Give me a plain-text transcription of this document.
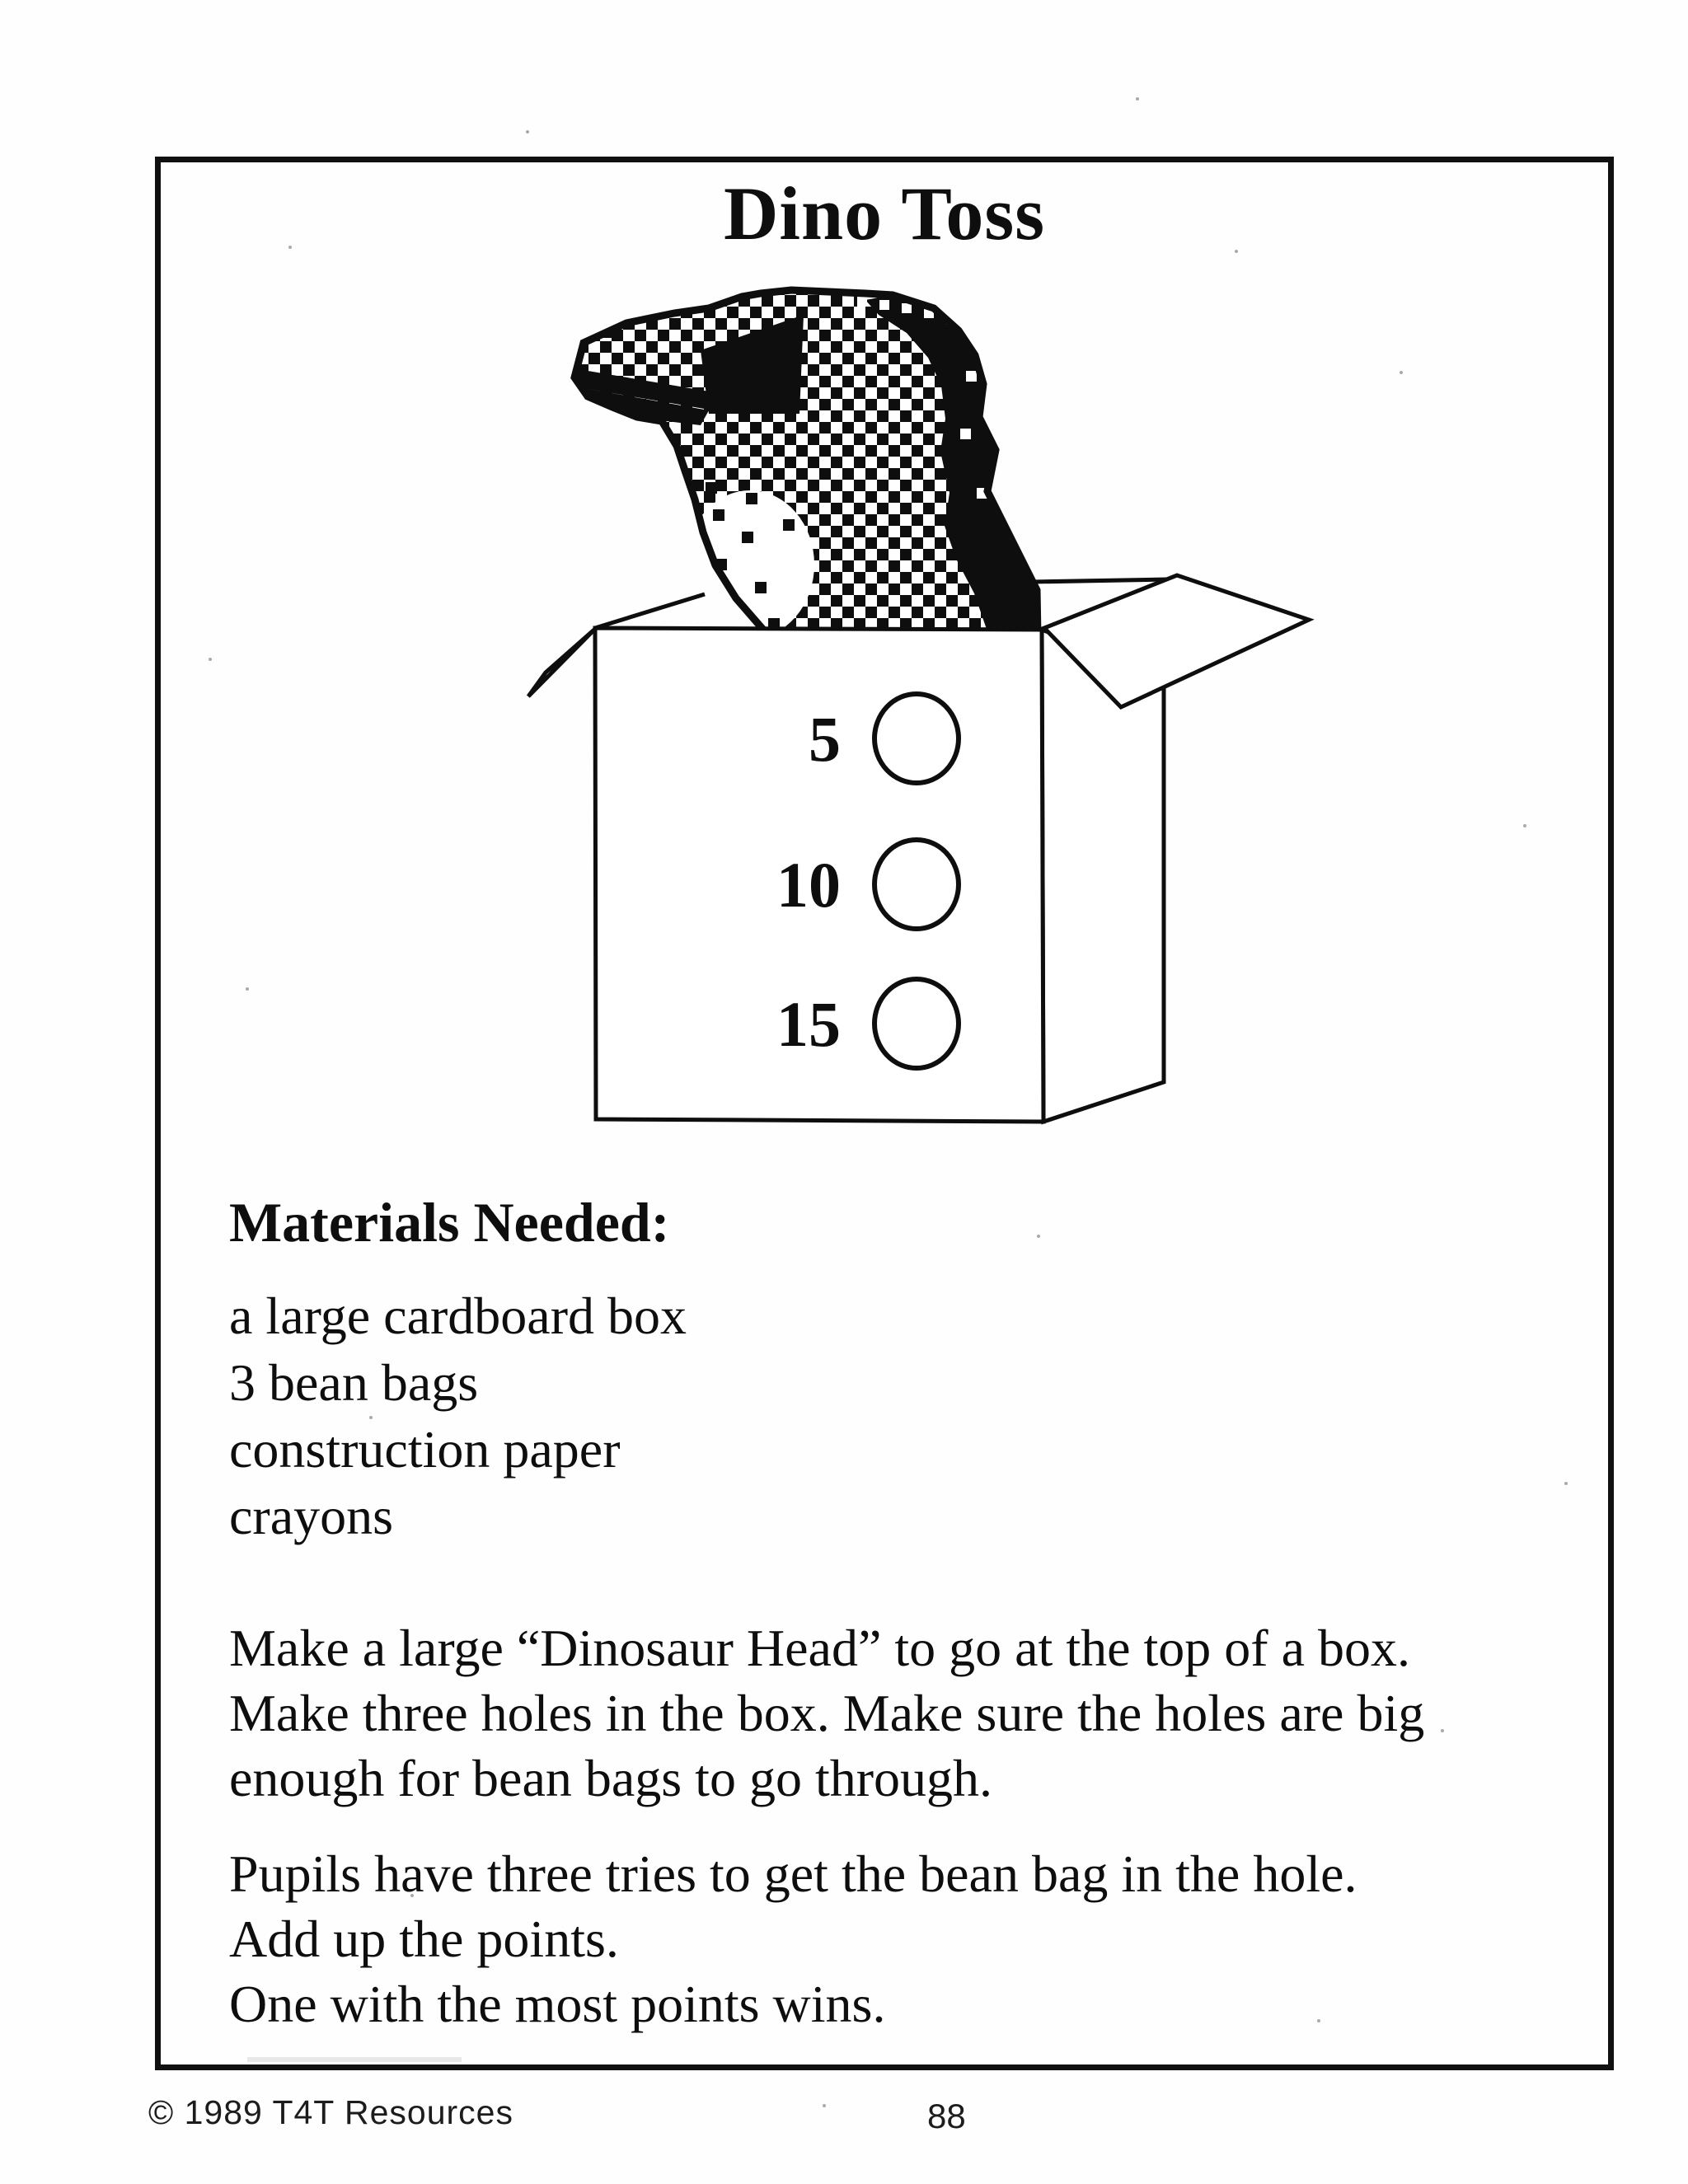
Dino Toss
5
10
15
Materials Needed:
a large cardboard box
3 bean bags
construction paper
crayons
Make a large “Dinosaur Head” to go at the top of a box.
Make three holes in the box. Make sure the holes are big
enough for bean bags to go through.
Pupils have three tries to get the bean bag in the hole.
Add up the points.
One with the most points wins.
© 1989 T4T Resources	88
